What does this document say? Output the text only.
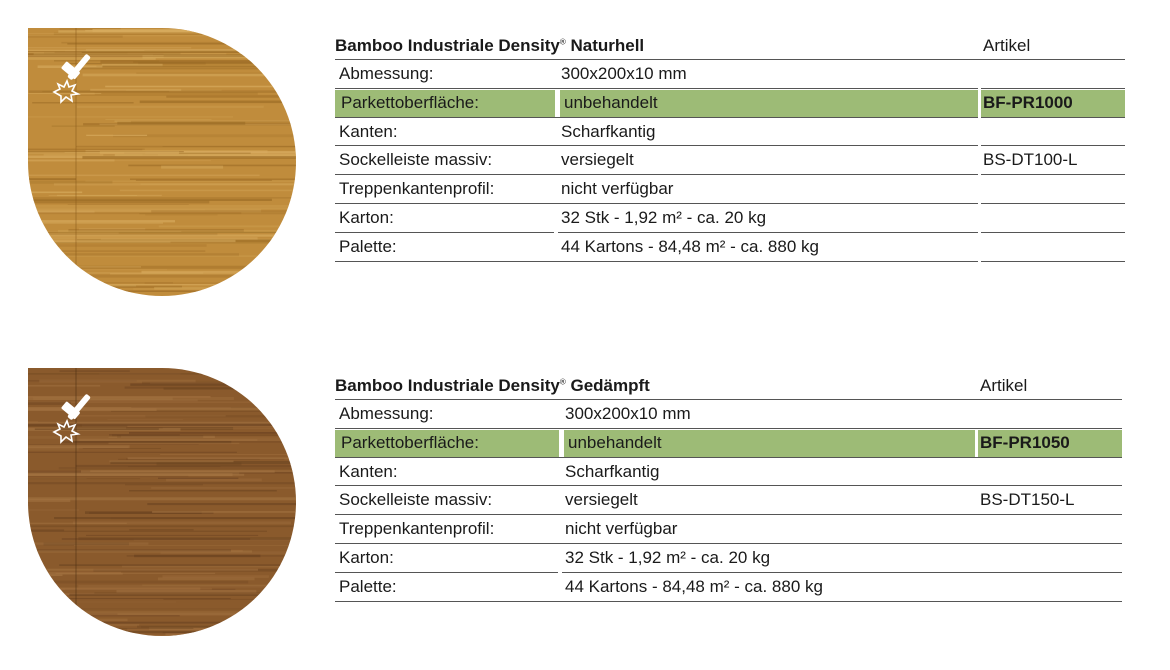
Bamboo Industriale Density® Naturhell	Artikel
Abmessung:	300x200x10 mm
Parkettoberfläche:	unbehandelt	BF-PR1000
Kanten:	Scharfkantig
Sockelleiste massiv:	versiegelt	BS-DT100-L
Treppenkantenprofil:	nicht verfügbar
Karton:	32 Stk - 1,92 m² - ca. 20 kg
Palette:	44 Kartons - 84,48 m² - ca. 880 kg
Bamboo Industriale Density® Gedämpft	Artikel
Abmessung:	300x200x10 mm
Parkettoberfläche:	unbehandelt	BF-PR1050
Kanten:	Scharfkantig
Sockelleiste massiv:	versiegelt	BS-DT150-L
Treppenkantenprofil:	nicht verfügbar
Karton:	32 Stk - 1,92 m² - ca. 20 kg
Palette:	44 Kartons - 84,48 m² - ca. 880 kg
